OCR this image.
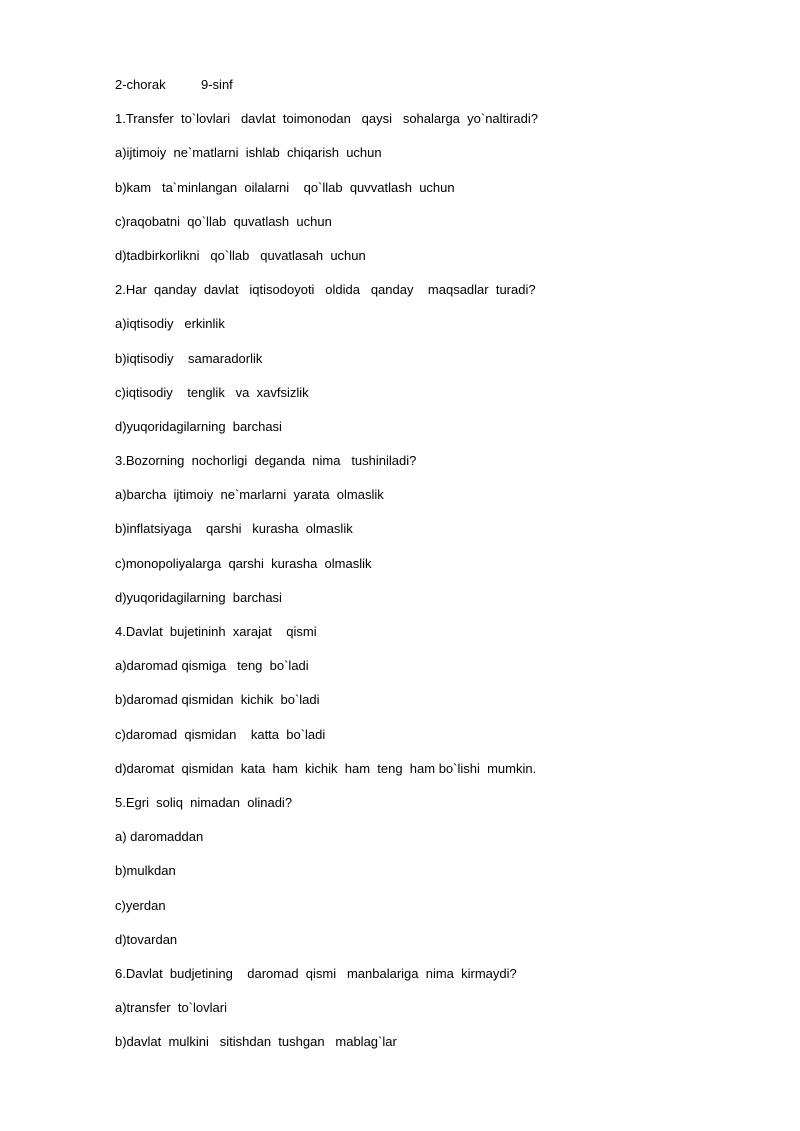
2-chorak	9-sinf
1.Transfer  to`lovlari   davlat  toimonodan   qaysi   sohalarga  yo`naltiradi?
a)ijtimoiy  ne`matlarni  ishlab  chiqarish  uchun
b)kam   ta`minlangan  oilalarni    qo`llab  quvvatlash  uchun
c)raqobatni  qo`llab  quvatlash  uchun
d)tadbirkorlikni   qo`llab   quvatlasah  uchun
2.Har  qanday  davlat   iqtisodoyoti   oldida   qanday    maqsadlar  turadi?
a)iqtisodiy   erkinlik
b)iqtisodiy    samaradorlik
c)iqtisodiy    tenglik   va  xavfsizlik
d)yuqoridagilarning  barchasi
3.Bozorning  nochorligi  deganda  nima   tushiniladi?
a)barcha  ijtimoiy  ne`marlarni  yarata  olmaslik
b)inflatsiyaga    qarshi   kurasha  olmaslik
c)monopoliyalarga  qarshi  kurasha  olmaslik
d)yuqoridagilarning  barchasi
4.Davlat  bujetininh  xarajat    qismi
a)daromad qismiga   teng  bo`ladi
b)daromad qismidan  kichik  bo`ladi
c)daromad  qismidan    katta  bo`ladi
d)daromat  qismidan  kata  ham  kichik  ham  teng  ham bo`lishi  mumkin.
5.Egri  soliq  nimadan  olinadi?
a) daromaddan
b)mulkdan
c)yerdan
d)tovardan
6.Davlat  budjetining    daromad  qismi   manbalariga  nima  kirmaydi?
a)transfer  to`lovlari
b)davlat  mulkini   sitishdan  tushgan   mablag`lar
